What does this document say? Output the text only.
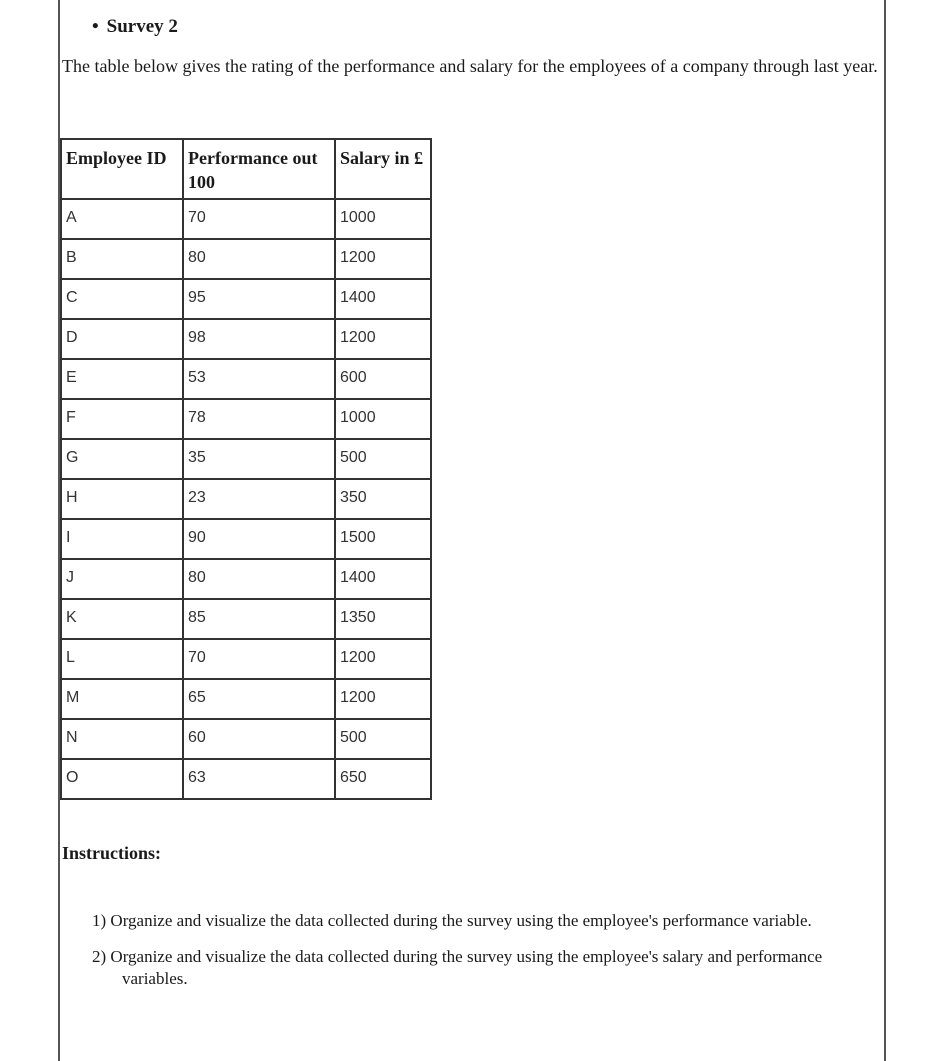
• Survey 2
The table below gives the rating of the performance and salary for the employees of a company through last year.
Employee ID	Performance out 100	Salary in £
A	70	1000
B	80	1200
C	95	1400
D	98	1200
E	53	600
F	78	1000
G	35	500
H	23	350
I	90	1500
J	80	1400
K	85	1350
L	70	1200
M	65	1200
N	60	500
O	63	650
Instructions:
1) Organize and visualize the data collected during the survey using the employee's performance variable.
2) Organize and visualize the data collected during the survey using the employee's salary and performance variables.
